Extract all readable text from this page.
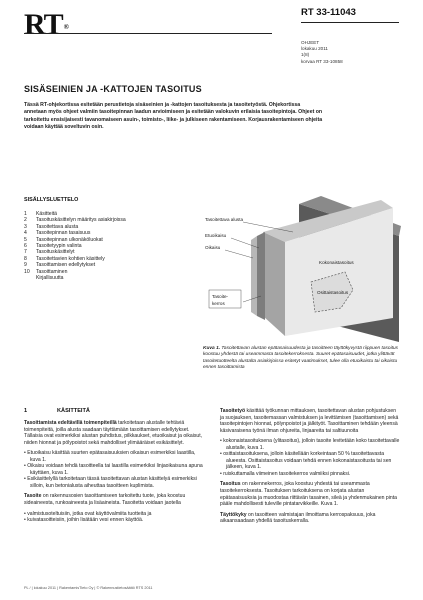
RT®
RT 33-11043
OHJEET
lokakuu 2011
1(8)
korvaa RT 33-10858
SISÄSEINIEN JA -KATTOJEN TASOITUS
Tässä RT-ohjekortissa esitetään perustietoja sisäseinien ja -kattojen tasoituksesta ja tasoitetyöstä. Ohjekortissa annetaan myös ohjeet valmiin tasoitepinnan laadun arvioimiseen ja esitetään valokuvin erilaisia tasoitepintoja. Ohjeet on tarkoitettu ensisijaisesti tavanomaiseen asuin-, toimisto-, liike- ja julkiseen rakentamiseen. Korjausrakentamiseen ohjeita voidaan käyttää soveltuvin osin.
SISÄLLYSLUETTELO
1 Käsitteitä
2 Tasoituskäsittelyn määritys asiakirjoissa
3 Tasoitettava alusta
4 Tasoitepinnan tasaisuus
5 Tasoitepinnan ulkonäköluokat
6 Tasoitetyypin valinta
7 Tasoituskäsittelyt
8 Tasoitettavien kohtien käsittely
9 Tasoittamisen edellytykset
10 Tasoittaminen
Kirjallisuutta
Tasoitettava alusta
Etuoikaisu
Oikaisu
Kokonaistasoitus
Osittaistasoitus
Tasoite-
kerros
Kuva 1. Tasoitettavan alustan epätasaisuudesta ja tasoitteen täyttökyvystä riippuen tasoitus koostuu yhdestä tai useammasta tasoitekerroksesta. Suuret epätasaisuudet, jotka ylittävät tasoitetuotteelta alustalta asiakirjoissa esitetyt vaatimukset, tulee olla etuoikaistu tai oikaistu ennen tasoittamista
1	KÄSITTEITÄ

Tasoittamista edeltävillä toimenpiteillä tarkoitetaan alustalle tehtäviä toimenpiteitä, joilla alusta saadaan täyttämään tasoittamisen edellytykset. Tällaisia ovat esimerkiksi alustan puhdistus, pilkkaukset, etuoikaisut ja oikaisut, niiden hionnat ja pölypoistot sekä mahdolliset ylimääräiset esikäsittelyt.

• Etuoikaisu käsittää suurten epätasaisuuksien oikaisun esimerkiksi laastilla, kuva 1.
• Oikaisu voidaan tehdä tasoitteella tai laastilla esimerkiksi linjaoikaisuna apuna käyttäen, kuva 1.
• Esikäsittelyllä tarkoitetaan tässä tasoitettavan alustan käsittelyä esimerkiksi silloin, kun betonialusta aiheuttaa tasoitteen kuplimista.

Tasoite on rakennusosien tasoittamiseen tarkoitettu tuote, joka koostuu sideaineesta, runkoaineesta ja lisäaineista. Tasoitetta voidaan jaotella

• valmistusoteltuisiin, jotka ovat käyttövalmiita tuotteita ja
• kuivatasoitteisiin, joihin lisätään vesi ennen käyttöä.

Tasoitetyö käsittää työkunnan mittauksen, tasoitettavan alustan pohjustuksen ja suojauksen, tasoitemassan valmistuksen ja levittämisen (tasoittamisen) sekä tasoitepintojen hionnat, pölynpoistot ja jälkityöt. Tasoittaminen tehdään yleensä käsivaraisena työnä ilman ohjureita, linjaareita tai saltiuunoita

• kokonaistasoituksena (ylitasoitus), jolloin tasoite levitetään koko tasoitettavalle alustalle, kuva 1.
• osittaistasoituksena, jolloin käsitellään korkeintaan 50 % tasoitettavasta alueesta. Osittaistasoitus voidaan tehdä ennen kokonaistasoitusta tai sen jälkeen, kuva 1.
• ruiskuttamalla viimeinen tasoitekerros valmiiksi pinnaksi.

Tasoitus on rakennekerros, joka koostuu yhdestä tai useammasta tasoitekerroksesta. Tasoituksen tarkoituksena on korjata alustan epätasaisuuksia ja muodostaa riittävän tasainen, sileä ja yhdenmukainen pinta pääle mahdollisesti tuleville pintatarvikkeille. Kuva 1.

Täyttökyky on tasoitteen valmistajan ilmoittama kerrospaksuus, joka aikaansaadaan yhdellä tasoituskerralla.

PL / | lokakuu 2011 | RakentamisTieto Oy | © Rakennustietosäätiö RTS 2011
